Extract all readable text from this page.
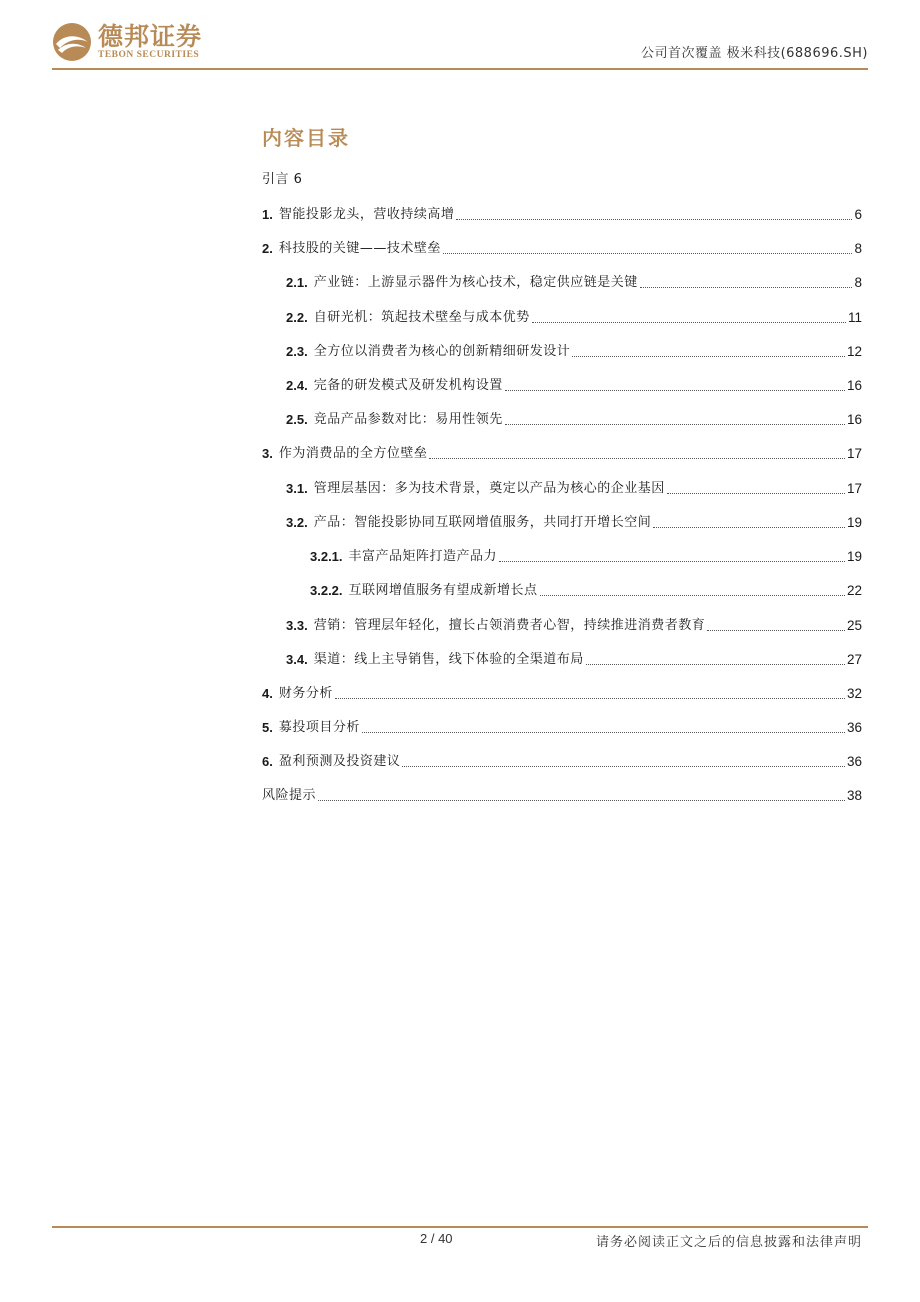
德邦证券
TEBON SECURITIES	公司首次覆盖 极米科技(688696.SH)
内容目录
引言 6
1. 智能投影龙头，营收持续高增	6
2. 科技股的关键——技术壁垒	8
2.1. 产业链：上游显示器件为核心技术，稳定供应链是关键	8
2.2. 自研光机：筑起技术壁垒与成本优势	11
2.3. 全方位以消费者为核心的创新精细研发设计	12
2.4. 完备的研发模式及研发机构设置	16
2.5. 竞品产品参数对比：易用性领先	16
3. 作为消费品的全方位壁垒	17
3.1. 管理层基因：多为技术背景，奠定以产品为核心的企业基因	17
3.2. 产品：智能投影协同互联网增值服务，共同打开增长空间	19
3.2.1. 丰富产品矩阵打造产品力	19
3.2.2. 互联网增值服务有望成新增长点	22
3.3. 营销：管理层年轻化，擅长占领消费者心智，持续推进消费者教育	25
3.4. 渠道：线上主导销售，线下体验的全渠道布局	27
4. 财务分析	32
5. 募投项目分析	36
6. 盈利预测及投资建议	36
风险提示	38
2 / 40	请务必阅读正文之后的信息披露和法律声明
